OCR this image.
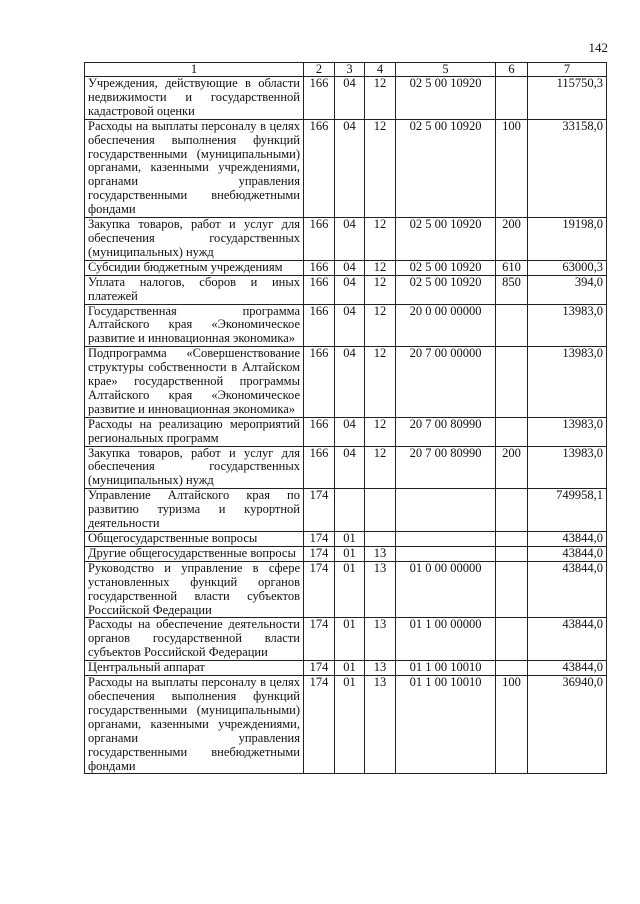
142
1	2	3	4	5	6	7
Учреждения, действующие в области недвижимости и государственной кадастровой оценки	166	04	12	02 5 00 10920		115750,3
Расходы на выплаты персоналу в целях обеспечения выполнения функций государственными (муниципальными) органами, казенными учреждениями, органами управления государственными внебюджетными фондами	166	04	12	02 5 00 10920	100	33158,0
Закупка товаров, работ и услуг для обеспечения государственных (муниципальных) нужд	166	04	12	02 5 00 10920	200	19198,0
Субсидии бюджетным учреждениям	166	04	12	02 5 00 10920	610	63000,3
Уплата налогов, сборов и иных платежей	166	04	12	02 5 00 10920	850	394,0
Государственная программа Алтайского края «Экономическое развитие и инновационная экономика»	166	04	12	20 0 00 00000		13983,0
Подпрограмма «Совершенствование структуры собственности в Алтайском крае» государственной программы Алтайского края «Экономическое развитие и инновационная экономика»	166	04	12	20 7 00 00000		13983,0
Расходы на реализацию мероприятий региональных программ	166	04	12	20 7 00 80990		13983,0
Закупка товаров, работ и услуг для обеспечения государственных (муниципальных) нужд	166	04	12	20 7 00 80990	200	13983,0
Управление Алтайского края по развитию туризма и курортной деятельности	174					749958,1
Общегосударственные вопросы	174	01				43844,0
Другие общегосударственные вопросы	174	01	13			43844,0
Руководство и управление в сфере установленных функций органов государственной власти субъектов Российской Федерации	174	01	13	01 0 00 00000		43844,0
Расходы на обеспечение деятельности органов государственной власти субъектов Российской Федерации	174	01	13	01 1 00 00000		43844,0
Центральный аппарат	174	01	13	01 1 00 10010		43844,0
Расходы на выплаты персоналу в целях обеспечения выполнения функций государственными (муниципальными) органами, казенными учреждениями, органами управления государственными внебюджетными фондами	174	01	13	01 1 00 10010	100	36940,0
